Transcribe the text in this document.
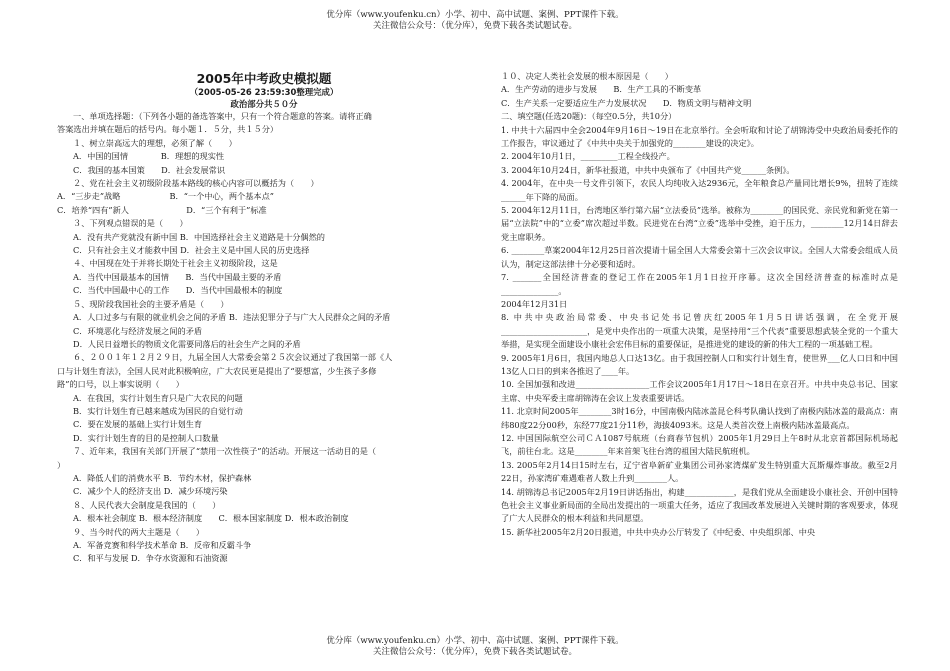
优分库（www.youfenku.cn）小学、初中、高中试题、案例、PPT课件下载。
关注微信公众号：（优分库），免费下载各类试题试卷。
2005年中考政史模拟题
（2005-05-26 23:59:30整理完成）
政治部分共５０分
一、单项选择题：（下列各小题的备选答案中，只有一个符合题意的答案。请将正确
答案选出并填在题后的括号内。每小题１．５分，共１５分）
１、树立崇高远大的理想，必须了解（　　）
A．中国的国情　　　　B．理想的现实性
C．我国的基本国策　　D．社会发展常识
２、党在社会主义初级阶段基本路线的核心内容可以概括为（　　）
A．“三步走”战略　　　　　　B．“一个中心，两个基本点”
C．培养“四有”新人　　　　　　　D．“三个有利于”标准
３、下列观点错误的是（　　）
A．没有共产党就没有新中国 B．中国选择社会主义道路是十分偶然的
C．只有社会主义才能救中国 D．社会主义是中国人民的历史选择
４、中国现在处于并将长期处于社会主义初级阶段，这是
A．当代中国最基本的国情　　B．当代中国最主要的矛盾
C．当代中国最中心的工作　　D．当代中国最根本的制度
５、现阶段我国社会的主要矛盾是（　　）
A．人口过多与有限的就业机会之间的矛盾 B．违法犯罪分子与广大人民群众之间的矛盾
C．环境恶化与经济发展之间的矛盾
D．人民日益增长的物质文化需要同落后的社会生产之间的矛盾
６、２００１年１２月２９日，九届全国人大常委会第２５次会议通过了我国第一部《人
口与计划生育法》，全国人民对此积极响应，广大农民更是提出了“要想富，少生孩子多修
路”的口号，以上事实说明（　　）
A．在我国，实行计划生育只是广大农民的问题
B．实行计划生育已越来越成为国民的自觉行动
C．要在发展的基础上实行计划生育
D．实行计划生育的目的是控制人口数量
７、近年来，我国有关部门开展了“禁用一次性筷子”的活动。开展这一活动目的是（
）
A．降低人们的消费水平 B．节约木材，保护森林
C．减少个人的经济支出 D．减少环境污染
８、人民代表大会制度是我国的（　　）
A．根本社会制度 B．根本经济制度　　C．根本国家制度 D．根本政治制度
９、当今时代的两大主题是（　　）
A．军备竞赛和科学技术革命 B．反帝和反霸斗争
C．和平与发展 D．争夺水资源和石油资源
１０、决定人类社会发展的根本原因是（　　）
A．生产劳动的进步与发展　　B．生产工具的不断变革
C．生产关系一定要适应生产力发展状况　　D．物质文明与精神文明
二、填空题(任选20题)：（每空0.5分，共10分）
1. 中共十六届四中全会2004年9月16日～19日在北京举行。全会听取和讨论了胡锦涛受中央政治局委托作的工作报告，审议通过了《中共中央关于加强党的________建设的决定》。
2. 2004年10月1日，_________工程全线投产。
3. 2004年10月24日，新华社报道，中共中央颁布了《中国共产党______条例》。
4. 2004年，在中央一号文件引领下，农民人均纯收入达2936元，全年粮食总产量同比增长9%，扭转了连续______年下降的局面。
5. 2004年12月11日，台湾地区举行第六届“立法委员”选举。被称为________的国民党、亲民党和新党在第一届“立法院”中的“立委”席次超过半数。民进党在台湾“立委”选举中受挫，迫于压力，________12月14日辞去党主席职务。
6. ________草案2004年12月25日首次提请十届全国人大常委会第十三次会议审议。全国人大常委会组成人员认为，制定这部法律十分必要和适时。
7. _______全国经济普查的登记工作在2005年1月1日拉开序幕。这次全国经济普查的标准时点是______________。
2004年12月31日
8. 中共中央政治局常委、中央书记处书记曾庆红2005年1月5日讲话强调，在全党开展_____________________，是党中央作出的一项重大决策，是坚持用“三个代表”重要思想武装全党的一个重大举措，是实现全面建设小康社会宏伟目标的重要保证，是推进党的建设的新的伟大工程的一项基础工程。
9. 2005年1月6日，我国内地总人口达13亿。由于我国控制人口和实行计划生育，使世界___亿人口日和中国13亿人口日的到来各推迟了____年。
10. 全国加强和改进__________________工作会议2005年1月17日～18日在京召开。中共中央总书记、国家主席、中央军委主席胡锦涛在会议上发表重要讲话。
11. 北京时间2005年________3时16分，中国南极内陆冰盖昆仑科考队确认找到了南极内陆冰盖的最高点：南纬80度22分00秒，东经77度21分11秒，海拔4093米。这是人类首次登上南极内陆冰盖最高点。
12. 中国国际航空公司ＣＡ1087号航班（台商春节包机）2005年1月29日上午8时从北京首都国际机场起飞，前往台北。这是________年来首架飞往台湾的祖国大陆民航班机。
13. 2005年2月14日15时左右，辽宁省阜新矿业集团公司孙家湾煤矿发生特别重大瓦斯爆炸事故。截至2月22日，孙家湾矿难遇难者人数上升到________人。
14. 胡锦涛总书记2005年2月19日讲话指出，构建____________，是我们党从全面建设小康社会、开创中国特色社会主义事业新局面的全局出发提出的一项重大任务，适应了我国改革发展进入关键时期的客观要求，体现了广大人民群众的根本利益和共同愿望。
15. 新华社2005年2月20日报道，中共中央办公厅转发了《中纪委、中央组织部、中央
优分库（www.youfenku.cn）小学、初中、高中试题、案例、PPT课件下载。
关注微信公众号：（优分库），免费下载各类试题试卷。
